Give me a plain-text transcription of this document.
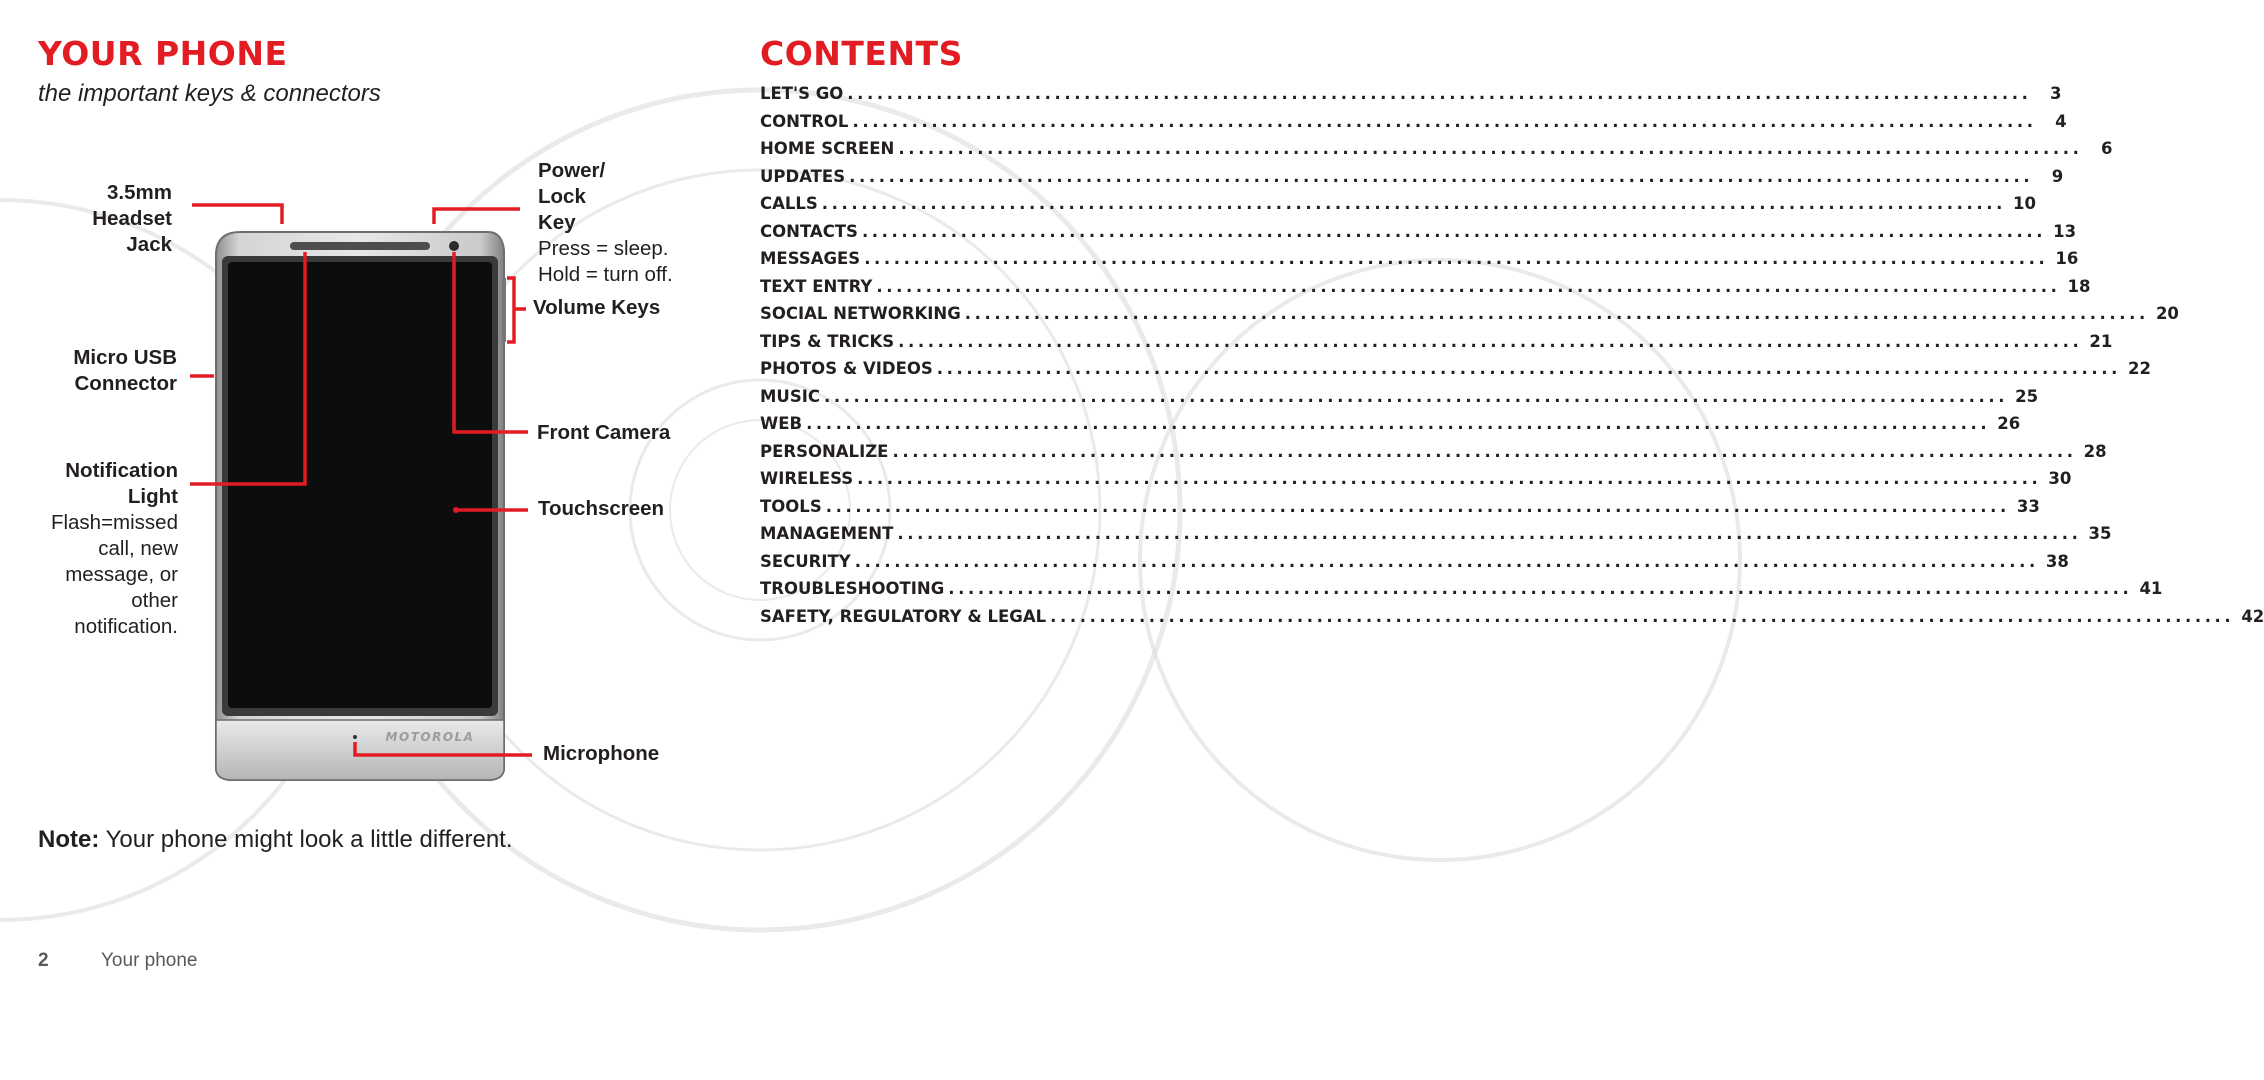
YOUR PHONE
the important keys & connectors
MOTOROLA
3.5mm Headset Jack
Micro USB Connector
Notification Light
Flash=missed call, new message, or other notification.
Power/ Lock Key
Press = sleep.
Hold = turn off.
Volume Keys
Front Camera
Touchscreen
Microphone
Note: Your phone might look a little different.
2	Your phone
CONTENTS
LET'S GO ........................................................................................................................	3
CONTROL ........................................................................................................................	4
HOME SCREEN ........................................................................................................................	6
UPDATES ........................................................................................................................	9
CALLS ........................................................................................................................ 10
CONTACTS ........................................................................................................................ 13
MESSAGES ........................................................................................................................ 16
TEXT ENTRY ........................................................................................................................ 18
SOCIAL NETWORKING ........................................................................................................................ 20
TIPS & TRICKS ........................................................................................................................ 21
PHOTOS & VIDEOS ........................................................................................................................ 22
MUSIC ........................................................................................................................ 25
WEB ........................................................................................................................ 26
PERSONALIZE ........................................................................................................................ 28
WIRELESS ........................................................................................................................ 30
TOOLS ........................................................................................................................ 33
MANAGEMENT ........................................................................................................................ 35
SECURITY ........................................................................................................................ 38
TROUBLESHOOTING ........................................................................................................................ 41
SAFETY, REGULATORY & LEGAL ........................................................................................................................ 42
